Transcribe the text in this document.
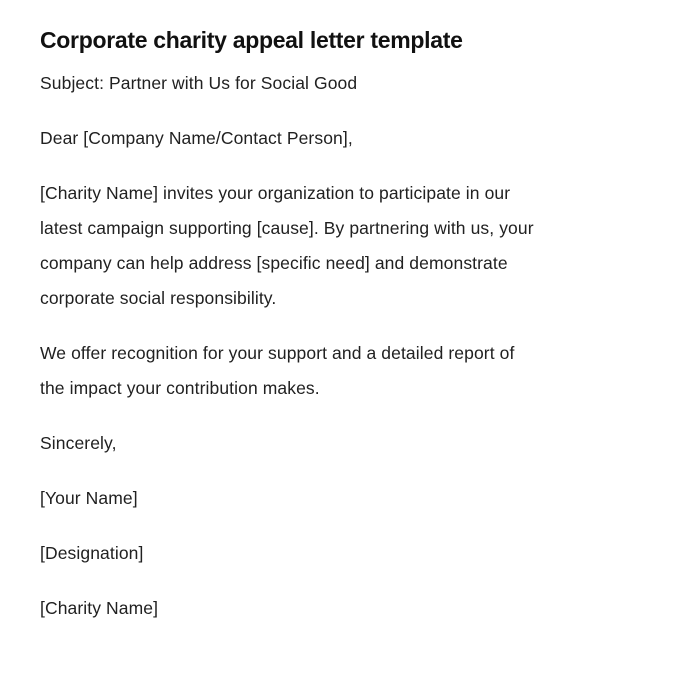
Corporate charity appeal letter template

Subject: Partner with Us for Social Good

Dear [Company Name/Contact Person],

[Charity Name] invites your organization to participate in our
latest campaign supporting [cause]. By partnering with us, your
company can help address [specific need] and demonstrate
corporate social responsibility.

We offer recognition for your support and a detailed report of
the impact your contribution makes.

Sincerely,

[Your Name]

[Designation]

[Charity Name]
